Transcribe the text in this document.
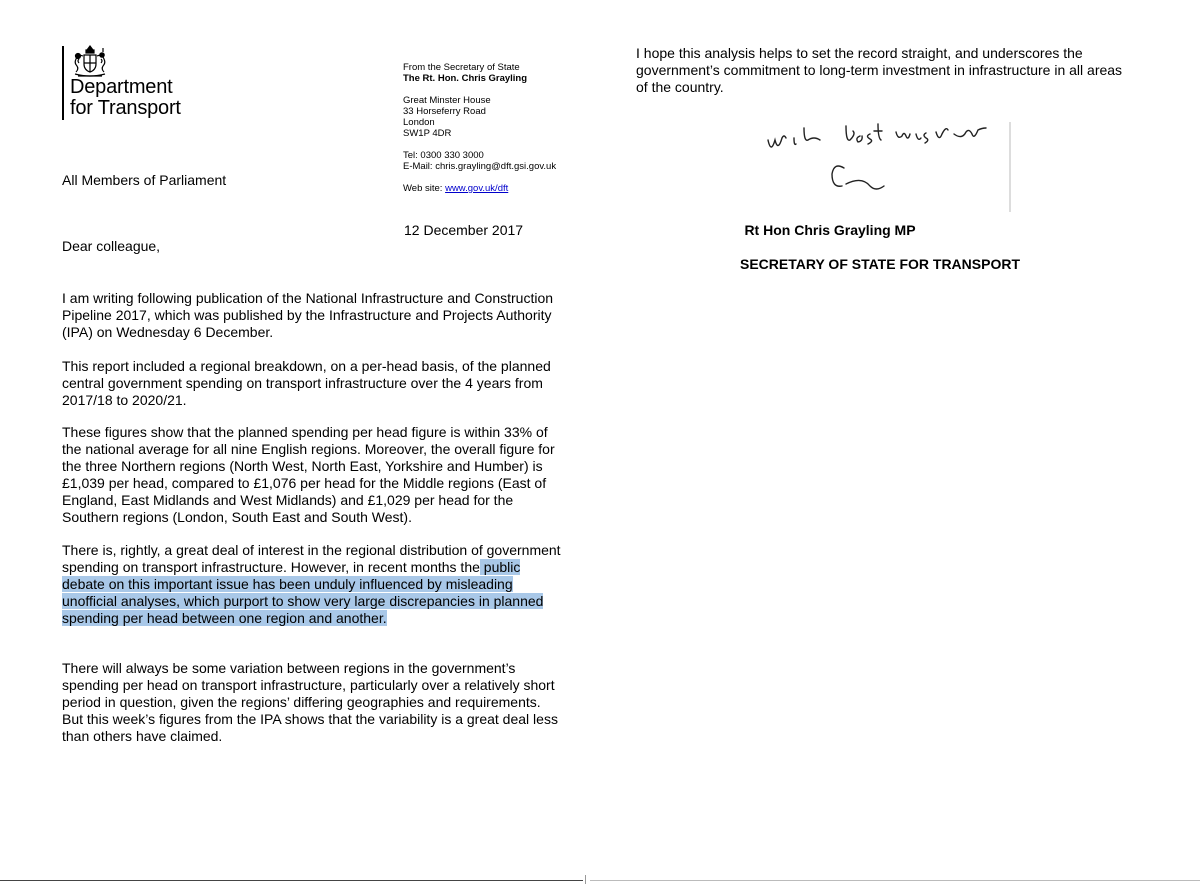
Department
for Transport
From the Secretary of State
The Rt. Hon. Chris Grayling
Great Minster House
33 Horseferry Road
London
SW1P 4DR
Tel: 0300 330 3000
E-Mail: chris.grayling@dft.gsi.gov.uk
Web site: www.gov.uk/dft
All Members of Parliament
12 December 2017
Dear colleague,

I am writing following publication of the National Infrastructure and Construction Pipeline 2017, which was published by the Infrastructure and Projects Authority (IPA) on Wednesday 6 December.

This report included a regional breakdown, on a per-head basis, of the planned central government spending on transport infrastructure over the 4 years from 2017/18 to 2020/21.

These figures show that the planned spending per head figure is within 33% of the national average for all nine English regions. Moreover, the overall figure for the three Northern regions (North West, North East, Yorkshire and Humber) is £1,039 per head, compared to £1,076 per head for the Middle regions (East of England, East Midlands and West Midlands) and £1,029 per head for the Southern regions (London, South East and South West).

There is, rightly, a great deal of interest in the regional distribution of government spending on transport infrastructure. However, in recent months the public debate on this important issue has been unduly influenced by misleading unofficial analyses, which purport to show very large discrepancies in planned spending per head between one region and another.

There will always be some variation between regions in the government’s spending per head on transport infrastructure, particularly over a relatively short period in question, given the regions’ differing geographies and requirements. But this week’s figures from the IPA shows that the variability is a great deal less than others have claimed.

I hope this analysis helps to set the record straight, and underscores the government’s commitment to long-term investment in infrastructure in all areas of the country.

With best wishes
Rt Hon Chris Grayling MP
SECRETARY OF STATE FOR TRANSPORT
